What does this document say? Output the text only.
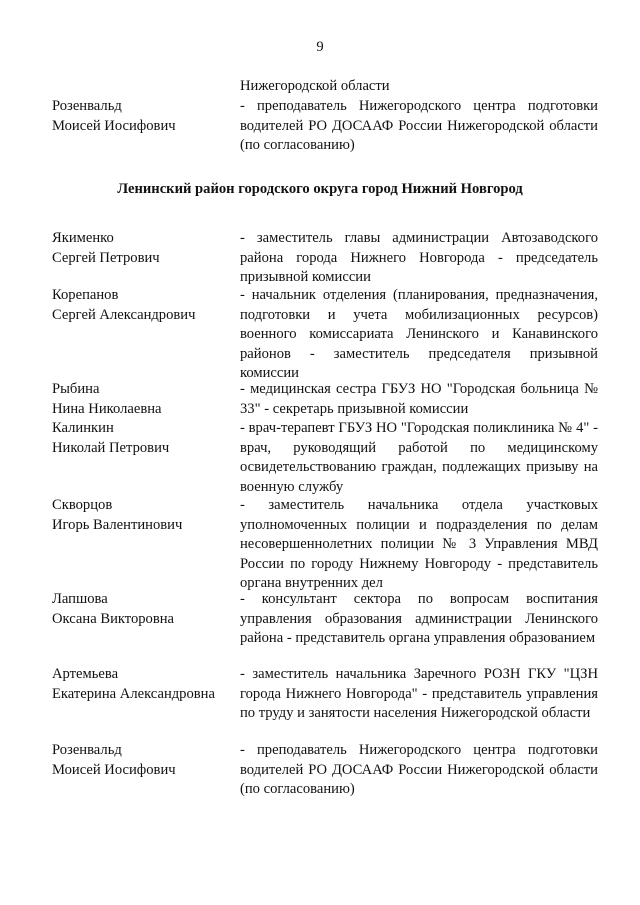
9
Нижегородской области
Розенвальд
Моисей Иосифович
- преподаватель Нижегородского центра подготовки водителей РО ДОСААФ России Нижегородской области (по согласованию)
Ленинский район городского округа город Нижний Новгород
Якименко
Сергей Петрович
- заместитель главы администрации Автозаводского района города Нижнего Новгорода - председатель призывной комиссии
Корепанов
Сергей Александрович
- начальник отделения (планирования, предназначения, подготовки и учета мобилизационных ресурсов) военного комиссариата Ленинского и Канавинского районов - заместитель председателя призывной комиссии
Рыбина
Нина Николаевна
- медицинская сестра ГБУЗ НО "Городская больница № 33" - секретарь призывной комиссии
Калинкин
Николай Петрович
- врач-терапевт ГБУЗ НО "Городская поликлиника № 4" - врач, руководящий работой по медицинскому освидетельствованию граждан, подлежащих призыву на военную службу
Скворцов
Игорь Валентинович
- заместитель начальника отдела участковых уполномоченных полиции и подразделения по делам несовершеннолетних полиции № 3 Управления МВД России по городу Нижнему Новгороду - представитель органа внутренних дел
Лапшова
Оксана Викторовна
- консультант сектора по вопросам воспитания управления образования администрации Ленинского района - представитель органа управления образованием
Артемьева
Екатерина Александровна
- заместитель начальника Заречного РОЗН ГКУ "ЦЗН города Нижнего Новгорода" - представитель управления по труду и занятости населения Нижегородской области
Розенвальд
Моисей Иосифович
- преподаватель Нижегородского центра подготовки водителей РО ДОСААФ России Нижегородской области (по согласованию)
